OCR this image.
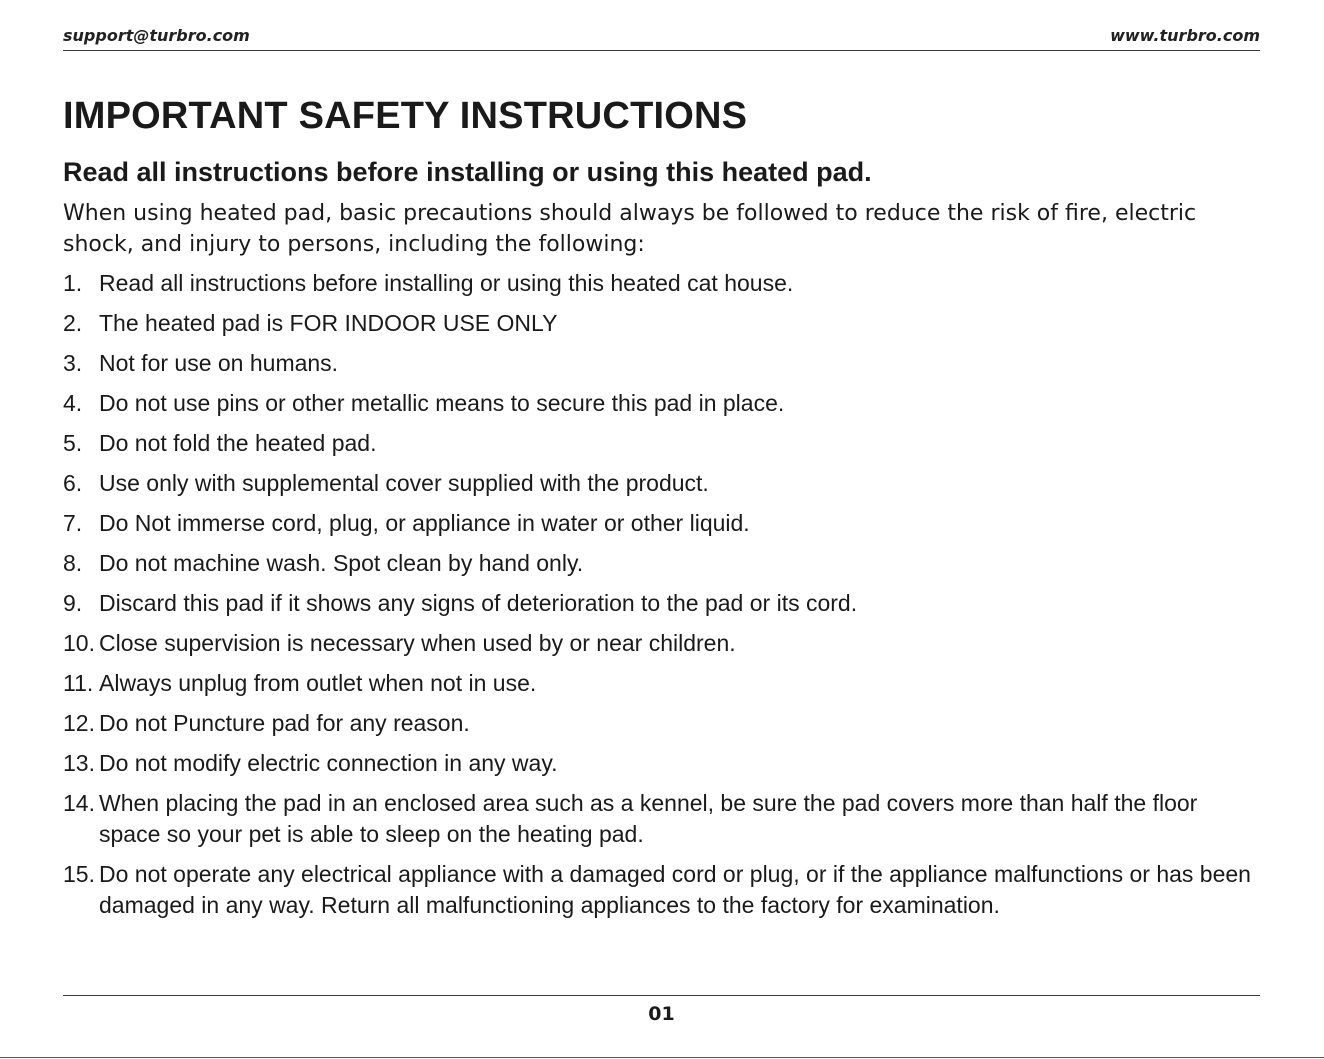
support@turbro.com	www.turbro.com
IMPORTANT SAFETY INSTRUCTIONS
Read all instructions before installing or using this heated pad.

When using heated pad, basic precautions should always be followed to reduce the risk of fire, electric shock, and injury to persons, including the following:

1. Read all instructions before installing or using this heated cat house.
2. The heated pad is FOR INDOOR USE ONLY
3. Not for use on humans.
4. Do not use pins or other metallic means to secure this pad in place.
5. Do not fold the heated pad.
6. Use only with supplemental cover supplied with the product.
7. Do Not immerse cord, plug, or appliance in water or other liquid.
8. Do not machine wash. Spot clean by hand only.
9. Discard this pad if it shows any signs of deterioration to the pad or its cord.
10. Close supervision is necessary when used by or near children.
11. Always unplug from outlet when not in use.
12. Do not Puncture pad for any reason.
13. Do not modify electric connection in any way.
14. When placing the pad in an enclosed area such as a kennel, be sure the pad covers more than half the floor space so your pet is able to sleep on the heating pad.
15. Do not operate any electrical appliance with a damaged cord or plug, or if the appliance malfunctions or has been damaged in any way. Return all malfunctioning appliances to the factory for examination.
01
